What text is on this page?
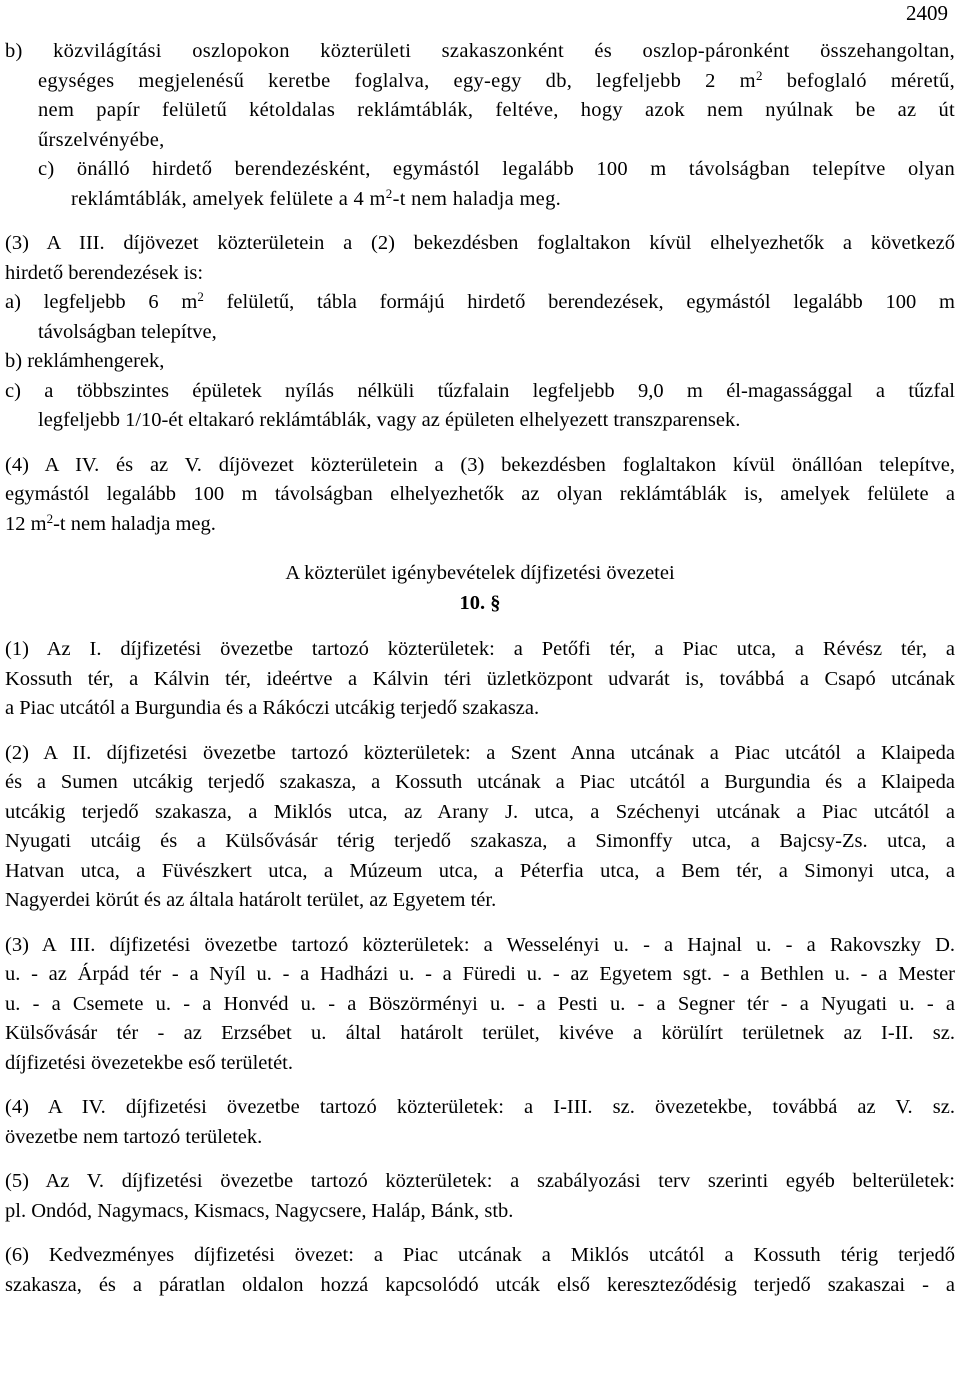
2409
b) közvilágítási oszlopokon közterületi szakaszonként és oszlop-páronként összehangoltan,
egységes megjelenésű keretbe foglalva, egy-egy db, legfeljebb 2 $m^2$ befoglaló méretű,
nem papír felületű kétoldalas reklámtáblák, feltéve, hogy azok nem nyúlnak be az út
űrszelvényébe,
c) önálló hirdető berendezésként, egymástól legalább 100 m távolságban telepítve olyan
reklámtáblák, amelyek felülete a 4 $m^2-t$ nem haladja meg.
(3) A III. díjövezet közterületein a (2) bekezdésben foglaltakon kívül elhelyezhetők a következő
hirdető berendezések is:
a) legfeljebb 6 $m^2$ felületű, tábla formájú hirdető berendezések, egymástól legalább 100 m
távolságban telepítve,
b) reklámhengerek,
c) a többszintes épületek nyílás nélküli tűzfalain legfeljebb 9,0 m él-magassággal a tűzfal
legfeljebb 1/10-ét eltakaró reklámtáblák, vagy az épületen elhelyezett transzparensek.
(4) A IV. és az V. díjövezet közterületein a (3) bekezdésben foglaltakon kívül önállóan telepítve,
egymástól legalább 100 m távolságban elhelyezhetők az olyan reklámtáblák is, amelyek felülete a
12 $m^2-t$ nem haladja meg.
A közterület igénybevételek díjfizetési övezetei
10. §
(1) Az I. díjfizetési övezetbe tartozó közterületek: a Petőfi tér, a Piac utca, a Révész tér, a
Kossuth tér, a Kálvin tér, ideértve a Kálvin téri üzletközpont udvarát is, továbbá a Csapó utcának
a Piac utcától a Burgundia és a Rákóczi utcákig terjedő szakasza.
(2) A II. díjfizetési övezetbe tartozó közterületek: a Szent Anna utcának a Piac utcától a Klaipeda
és a Sumen utcákig terjedő szakasza, a Kossuth utcának a Piac utcától a Burgundia és a Klaipeda
utcákig terjedő szakasza, a Miklós utca, az Arany J. utca, a Széchenyi utcának a Piac utcától a
Nyugati utcáig és a Külsővásár térig terjedő szakasza, a Simonffy utca, a Bajcsy-Zs. utca, a
Hatvan utca, a Füvészkert utca, a Múzeum utca, a Péterfia utca, a Bem tér, a Simonyi utca, a
Nagyerdei körút és az általa határolt terület, az Egyetem tér.
(3) A III. díjfizetési övezetbe tartozó közterületek: a Wesselényi u. - a Hajnal u. - a Rakovszky D.
u. - az Árpád tér - a Nyíl u. - a Hadházi u. - a Füredi u. - az Egyetem sgt. - a Bethlen u. - a Mester
u. - a Csemete u. - a Honvéd u. - a Böszörményi u. - a Pesti u. - a Segner tér - a Nyugati u. - a
Külsővásár tér - az Erzsébet u. által határolt terület, kivéve a körülírt területnek az I-II. sz.
díjfizetési övezetekbe eső területét.
(4) A IV. díjfizetési övezetbe tartozó közterületek: a I-III. sz. övezetekbe, továbbá az V. sz.
övezetbe nem tartozó területek.
(5) Az V. díjfizetési övezetbe tartozó közterületek: a szabályozási terv szerinti egyéb belterületek:
pl. Ondód, Nagymacs, Kismacs, Nagycsere, Haláp, Bánk, stb.
(6) Kedvezményes díjfizetési övezet: a Piac utcának a Miklós utcától a Kossuth térig terjedő
szakasza, és a páratlan oldalon hozzá kapcsolódó utcák első kereszteződésig terjedő szakaszai - a
